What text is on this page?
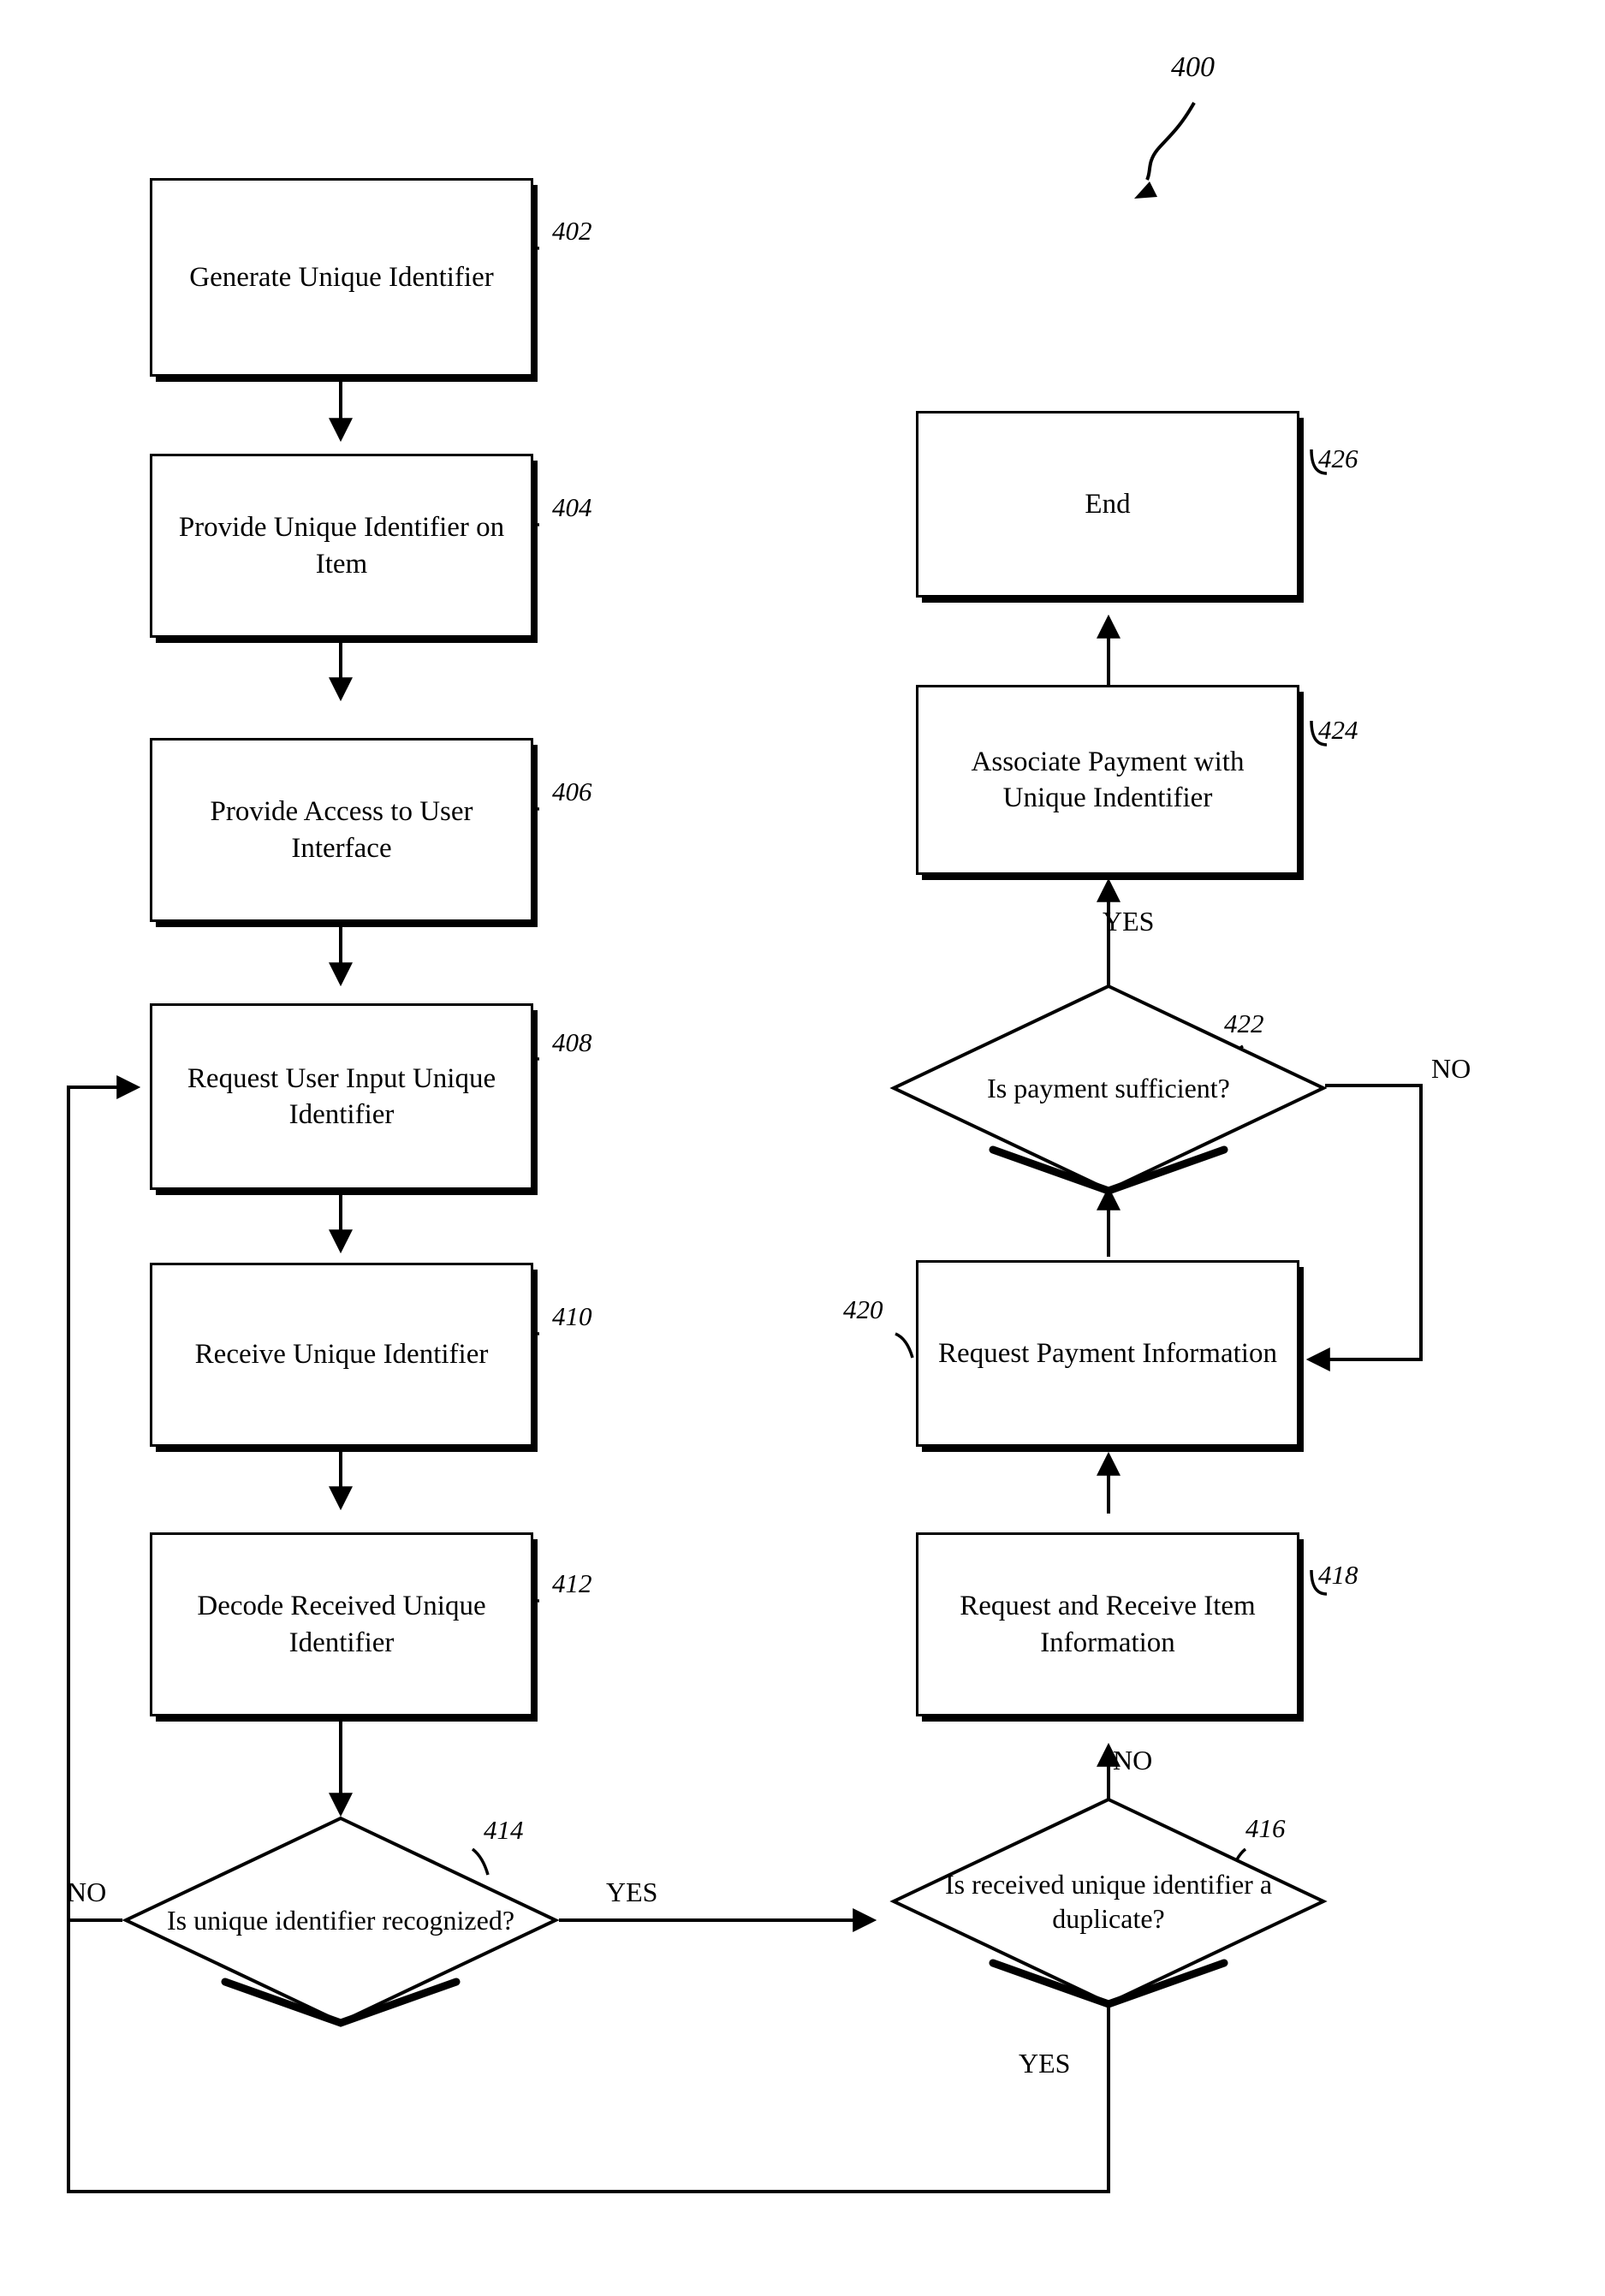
400
Generate Unique Identifier
402
Provide Unique Identifier on Item
404
Provide Access to User Interface
406
Request User Input Unique Identifier
408
Receive Unique Identifier
410
Decode Received Unique Identifier
412
End
426
Associate Payment with Unique Indentifier
424
Request Payment Information
420
Request and Receive Item Information
418
Is unique identifier recognized?
414
Is received unique identifier a duplicate?
416
Is payment sufficient?
422
NO	YES
NO
YES
YES
NO
